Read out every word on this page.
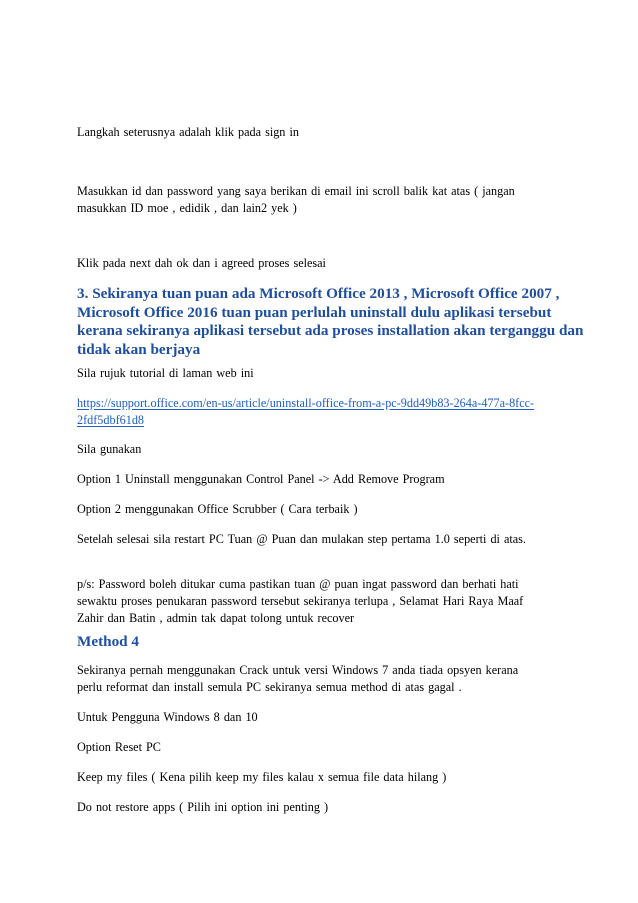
Langkah seterusnya adalah klik pada sign in

Masukkan id dan password yang saya berikan di email ini scroll balik kat atas ( jangan
masukkan ID moe , edidik , dan lain2 yek )

Klik pada next dah ok dan i agreed proses selesai

3. Sekiranya tuan puan ada Microsoft Office 2013 , Microsoft Office 2007 ,
Microsoft Office 2016 tuan puan perlulah uninstall dulu aplikasi tersebut
kerana sekiranya aplikasi tersebut ada proses installation akan terganggu dan
tidak akan berjaya

Sila rujuk tutorial di laman web ini

https://support.office.com/en-us/article/uninstall-office-from-a-pc-9dd49b83-264a-477a-8fcc-
2fdf5dbf61d8

Sila gunakan

Option 1 Uninstall menggunakan Control Panel -> Add Remove Program

Option 2 menggunakan Office Scrubber ( Cara terbaik )

Setelah selesai sila restart PC Tuan @ Puan dan mulakan step pertama 1.0 seperti di atas.

p/s: Password boleh ditukar cuma pastikan tuan @ puan ingat password dan berhati hati
sewaktu proses penukaran password tersebut sekiranya terlupa , Selamat Hari Raya Maaf
Zahir dan Batin , admin tak dapat tolong untuk recover

Method 4

Sekiranya pernah menggunakan Crack untuk versi Windows 7 anda tiada opsyen kerana
perlu reformat dan install semula PC sekiranya semua method di atas gagal .

Untuk Pengguna Windows 8 dan 10

Option Reset PC

Keep my files ( Kena pilih keep my files kalau x semua file data hilang )

Do not restore apps ( Pilih ini option ini penting )
